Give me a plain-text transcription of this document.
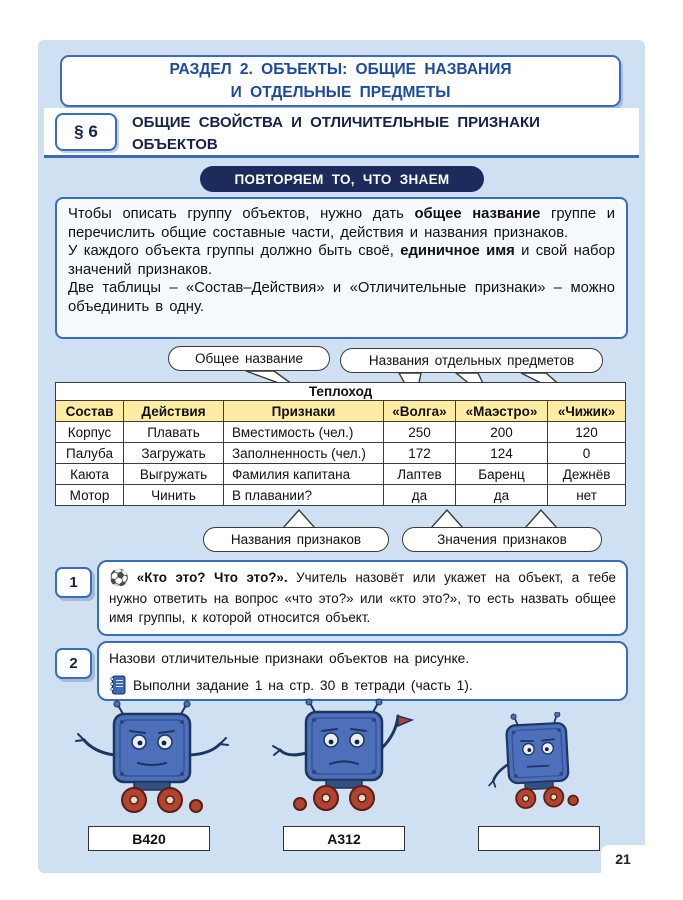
РАЗДЕЛ 2. ОБЪЕКТЫ: ОБЩИЕ НАЗВАНИЯ
И ОТДЕЛЬНЫЕ ПРЕДМЕТЫ
§ 6	ОБЩИЕ СВОЙСТВА И ОТЛИЧИТЕЛЬНЫЕ ПРИЗНАКИ ОБЪЕКТОВ
ПОВТОРЯЕМ ТО, ЧТО ЗНАЕМ

Чтобы описать группу объектов, нужно дать общее название группе и перечислить общие составные части, действия и названия признаков.

У каждого объекта группы должно быть своё, единичное имя и свой набор значений признаков.

Две таблицы – «Состав–Действия» и «Отличительные признаки» – можно объединить в одну.

Общее название	Названия отдельных предметов
Теплоход					
Состав	Действия	Признаки	«Волга»	«Маэстро»	«Чижик»
Корпус	Плавать	Вместимость (чел.)	250	200	120
Палуба	Загружать	Заполненность (чел.)	172	124	0
Каюта	Выгружать	Фамилия капитана	Лаптев	Баренц	Дежнёв
Мотор	Чинить	В плавании?	да	да	нет
Названия признаков	Значения признаков
1	⚽ «Кто это? Что это?». Учитель назовёт или укажет на объект, а тебе нужно ответить на вопрос «что это?» или «кто это?», то есть назвать общее имя группы, к которой относится объект.
2	Назови отличительные признаки объектов на рисунке.
Выполни задание 1 на стр. 30 в тетради (часть 1).
В420	А312
21
